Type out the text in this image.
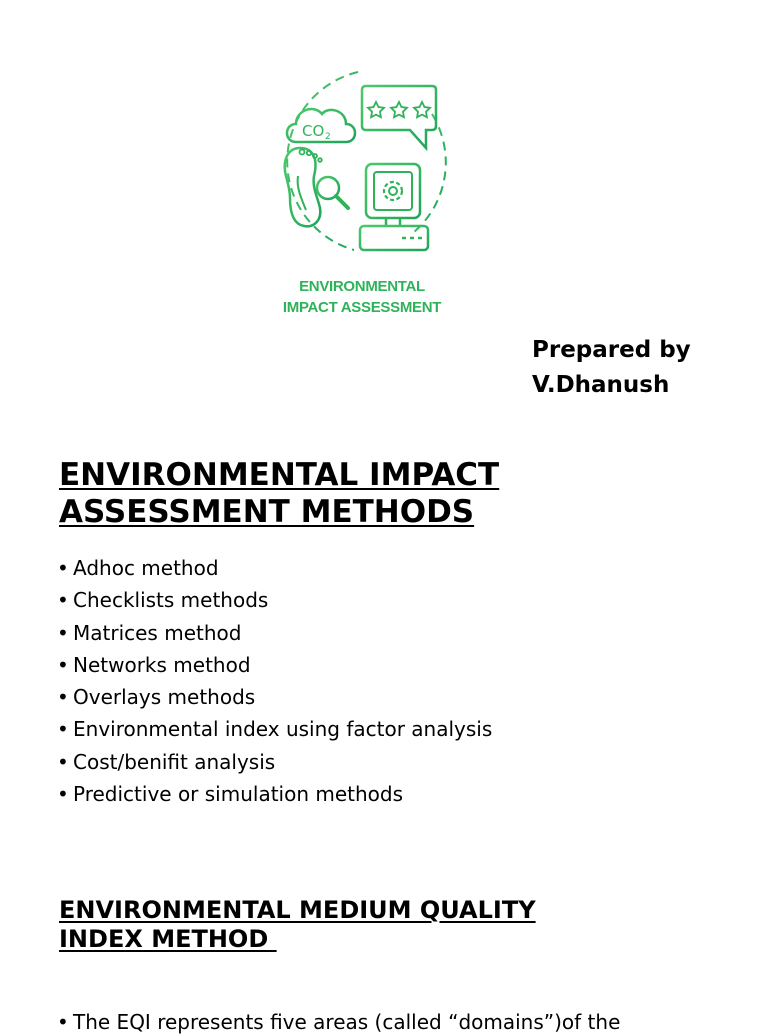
CO 2
ENVIRONMENTAL
IMPACT ASSESSMENT
Prepared by
V.Dhanush
ENVIRONMENTAL IMPACT
ASSESSMENT METHODS
• Adhoc method
• Checklists methods
• Matrices method
• Networks method
• Overlays methods
• Environmental index using factor analysis
• Cost/benifit analysis
• Predictive or simulation methods
ENVIRONMENTAL MEDIUM QUALITY
INDEX METHOD
• The EQI represents five areas (called “domains”)of the
